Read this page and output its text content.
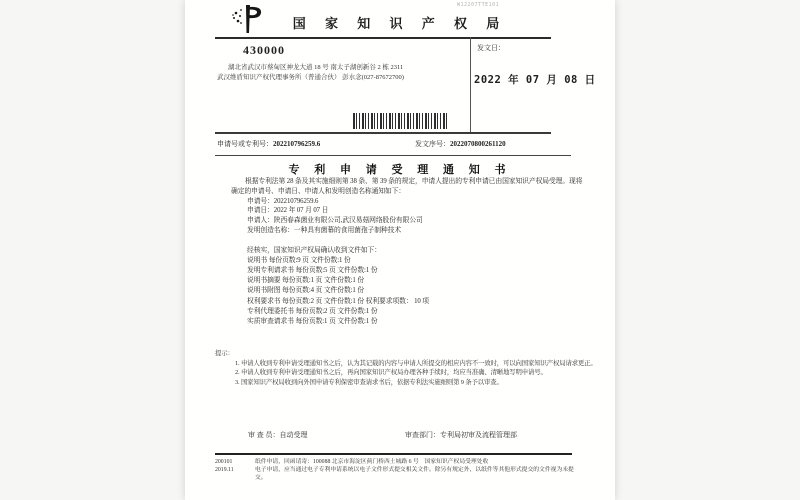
国 家 知 识 产 权 局
W12207TTE101
430000
湖北省武汉市蔡甸区神龙大道 18 号 南太子湖创新谷 2 栋 2311
武汉维盾知识产权代理事务所（普通合伙） 彭水念(027-87672700)
发文日：
2022 年 07 月 08 日
申请号或专利号：202210796259.6	发文序号：2022070800261120
专 利 申 请 受 理 通 知 书

根据专利法第 28 条及其实施细则第 38 条、第 39 条的规定，申请人提出的专利申请已由国家知识产权局受理。现将确定的申请号、申请日、申请人和发明创造名称通知如下：

申请号：202210796259.6
申请日：2022 年 07 月 07 日
申请人：陕西春森菌业有限公司,武汉易菇网络股份有限公司
发明创造名称：一种具有菌幕的食用菌孢子制种技术
经核实，国家知识产权局确认收到文件如下：
说明书 每份页数:9 页 文件份数:1 份
发明专利请求书 每份页数:5 页 文件份数:1 份
说明书摘要 每份页数:1 页 文件份数:1 份
说明书附图 每份页数:4 页 文件份数:1 份
权利要求书 每份页数:2 页 文件份数:1 份 权利要求项数： 10 项
专利代理委托书 每份页数:2 页 文件份数:1 份
实质审查请求书 每份页数:1 页 文件份数:1 份
提示：
1. 申请人收到专利申请受理通知书之后，认为其记载的内容与申请人所提交的相应内容不一致时，可以向国家知识产权局请求更正。
2. 申请人收到专利申请受理通知书之后，再向国家知识产权局办理各种手续时，均应当准确、清晰地写明申请号。
3. 国家知识产权局收到向外国申请专利保密审查请求书后，依据专利法实施细则第 9 条予以审查。
审 查 员：自动受理	审查部门：专利局初审及流程管理部
200101	纸件申请，回函请寄：100088 北京市海淀区蓟门桥西土城路 6 号　国家知识产权局受理处收
2019.11	电子申请，应当通过电子专利申请系统以电子文件形式提交相关文件。除另有规定外，以纸件等其他形式提交的文件视为未提交。
